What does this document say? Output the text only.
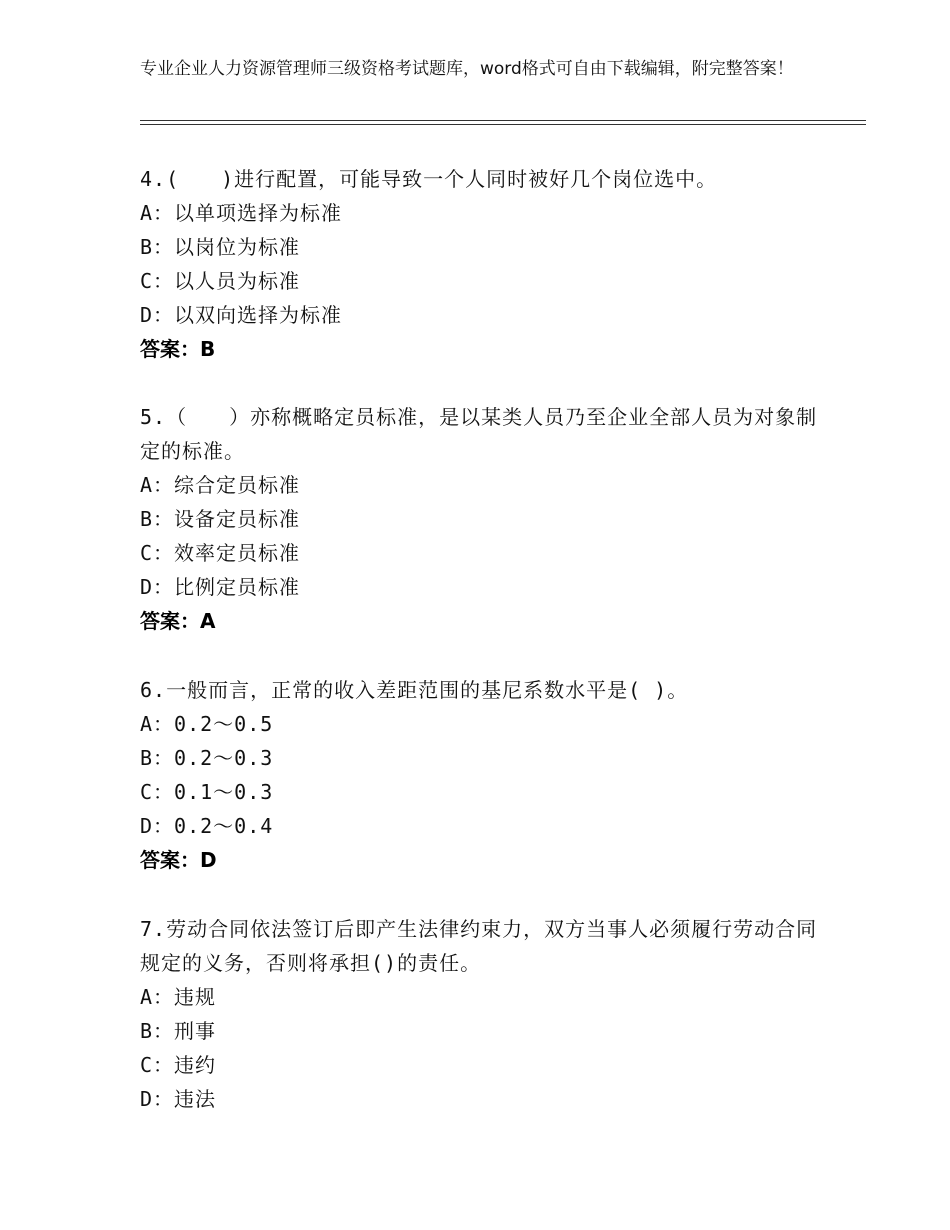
专业企业人力资源管理师三级资格考试题库，word格式可自由下载编辑，附完整答案！

4.(　　)进行配置，可能导致一个人同时被好几个岗位选中。

A：以单项选择为标准

B：以岗位为标准

C：以人员为标准

D：以双向选择为标准

答案：B

5.（　　）亦称概略定员标准，是以某类人员乃至企业全部人员为对象制定的标准。

A：综合定员标准

B：设备定员标准

C：效率定员标准

D：比例定员标准

答案：A

6.一般而言，正常的收入差距范围的基尼系数水平是( )。

A：0.2～0.5

B：0.2～0.3

C：0.1～0.3

D：0.2～0.4

答案：D

7.劳动合同依法签订后即产生法律约束力，双方当事人必须履行劳动合同规定的义务，否则将承担()的责任。

A：违规

B：刑事

C：违约

D：违法
